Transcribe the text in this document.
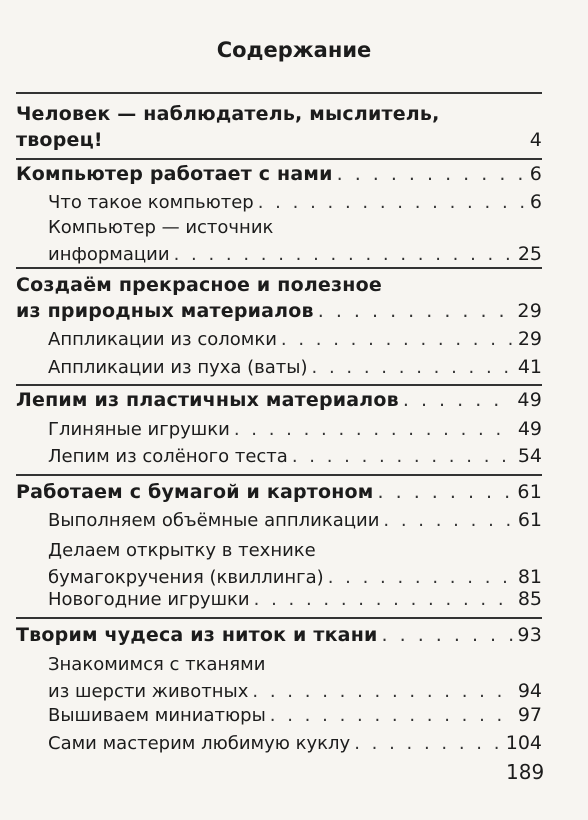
Содержание
Человек — наблюдатель, мыслитель,
творец!	4
Компьютер работает с нами . . .	6
Что такое компьютер . . .	6
Компьютер — источник
информации . . .	25
Создаём прекрасное и полезное
из природных материалов . . .	29
Аппликации из соломки . . .	29
Аппликации из пуха (ваты) . . .	41
Лепим из пластичных материалов . . .	49
Глиняные игрушки . . .	49
Лепим из солёного теста . . .	54
Работаем с бумагой и картоном . . .	61
Выполняем объёмные аппликации . . .	61
Делаем открытку в технике
бумагокручения (квиллинга) . . .	81
Новогодние игрушки . . .	85
Творим чудеса из ниток и ткани . . .	93
Знакомимся с тканями
из шерсти животных . . .	94
Вышиваем миниатюры . . .	97
Сами мастерим любимую куклу . . .	104
189
